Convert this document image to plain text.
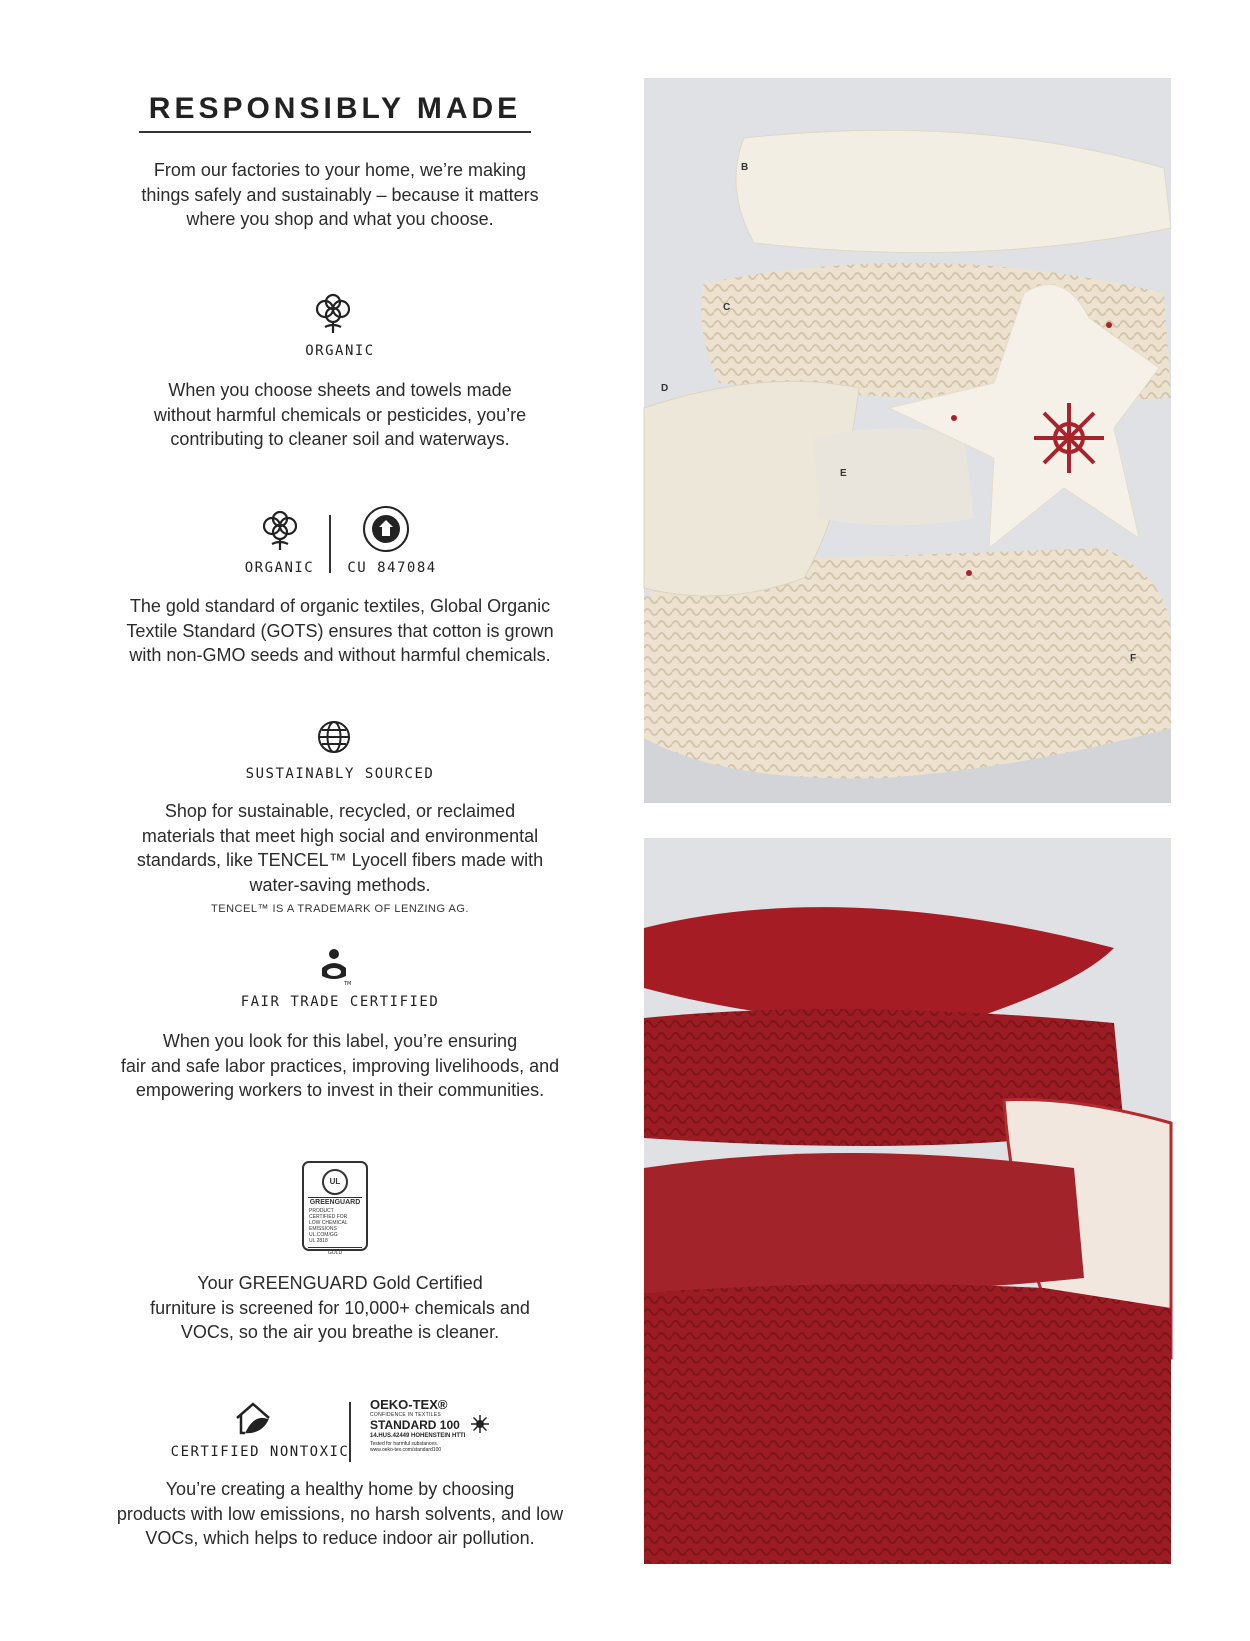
RESPONSIBLY MADE
From our factories to your home, we’re making
things safely and sustainably – because it matters
where you shop and what you choose.
ORGANIC
When you choose sheets and towels made
without harmful chemicals or pesticides, you’re
contributing to cleaner soil and waterways.
ORGANIC	CU 847084
The gold standard of organic textiles, Global Organic
Textile Standard (GOTS) ensures that cotton is grown
with non-GMO seeds and without harmful chemicals.
SUSTAINABLY SOURCED
Shop for sustainable, recycled, or reclaimed
materials that meet high social and environmental
standards, like TENCEL™ Lyocell fibers made with
water-saving methods.
TENCEL™ IS A TRADEMARK OF LENZING AG.
TM
FAIR TRADE CERTIFIED
When you look for this label, you’re ensuring
fair and safe labor practices, improving livelihoods, and
empowering workers to invest in their communities.
UL
GREENGUARD
PRODUCT CERTIFIED FOR
LOW CHEMICAL EMISSIONS
UL.COM/GG
UL 2818
GOLD
Your GREENGUARD Gold Certified
furniture is screened for 10,000+ chemicals and
VOCs, so the air you breathe is cleaner.
OEKO-TEX®
CONFIDENCE IN TEXTILES
STANDARD 100
14.HUS.42449 HOHENSTEIN HTTI
Tested for harmful substances.
www.oeko-tex.com/standard100
CERTIFIED NONTOXIC
You’re creating a healthy home by choosing
products with low emissions, no harsh solvents, and low
VOCs, which helps to reduce indoor air pollution.
B
C
D
E
F
